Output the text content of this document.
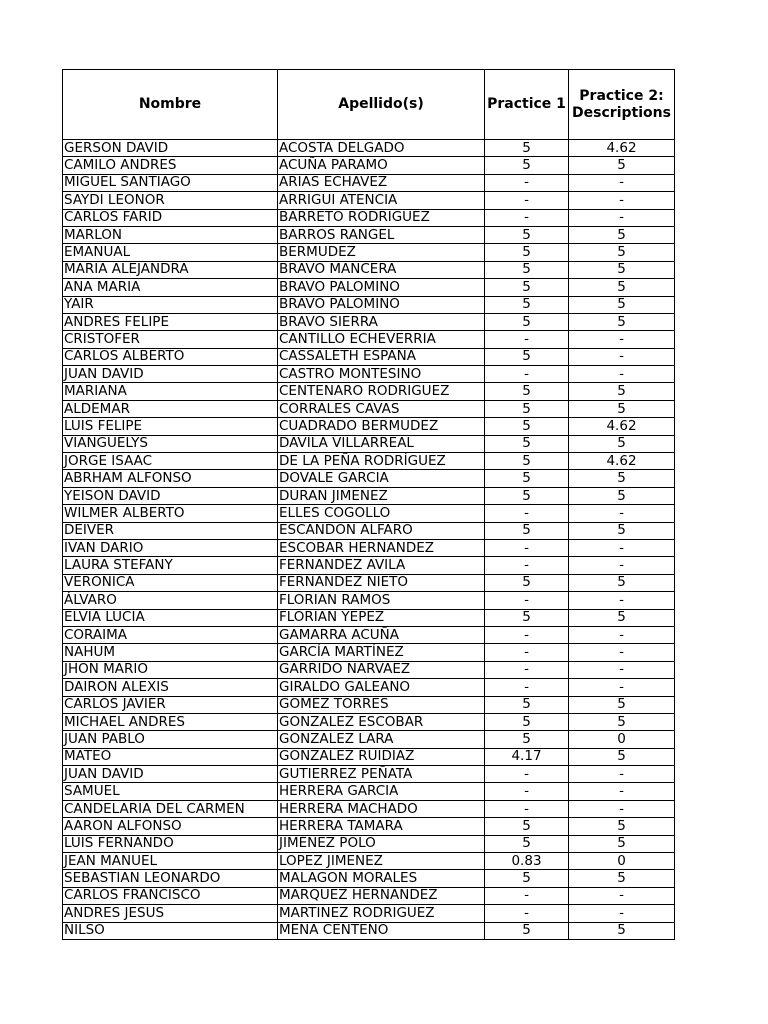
Nombre	Apellido(s)	Practice 1	Practice 2:
Descriptions
GERSON DAVID	ACOSTA DELGADO	5	4.62
CAMILO ANDRES	ACUÑA PARAMO	5	5
MIGUEL SANTIAGO	ARIAS ECHAVEZ	-	-
SAYDI LEONOR	ARRIGUI ATENCIA	-	-
CARLOS FARID	BARRETO RODRIGUEZ	-	-
MARLON	BARROS RANGEL	5	5
EMANUAL	BERMUDEZ	5	5
MARIA ALEJANDRA	BRAVO MANCERA	5	5
ANA MARIA	BRAVO PALOMINO	5	5
YAIR	BRAVO PALOMINO	5	5
ANDRES FELIPE	BRAVO SIERRA	5	5
CRISTOFER	CANTILLO ECHEVERRIA	-	-
CARLOS ALBERTO	CASSALETH ESPAÑA	5	-
JUAN DAVID	CASTRO MONTESINO	-	-
MARIANA	CENTENARO RODRIGUEZ	5	5
ALDEMAR	CORRALES CAVAS	5	5
LUIS FELIPE	CUADRADO BERMUDEZ	5	4.62
VIANGUELYS	DAVILA VILLARREAL	5	5
JORGE ISAAC	DE LA PEÑA RODRÍGUEZ	5	4.62
ABRHAM ALFONSO	DOVALE GARCIA	5	5
YEISON DAVID	DURAN JIMENEZ	5	5
WILMER ALBERTO	ELLES COGOLLO	-	-
DEIVER	ESCANDON ALFARO	5	5
IVAN DARIO	ESCOBAR HERNANDEZ	-	-
LAURA STEFANY	FERNANDEZ AVILA	-	-
VERONICA	FERNANDEZ NIETO	5	5
ÁLVARO	FLORIAN RAMOS	-	-
ELVIA LUCIA	FLORIAN YEPEZ	5	5
CORAIMA	GAMARRA ACUÑA	-	-
NAHUM	GARCÍA MARTÍNEZ	-	-
JHON MARIO	GARRIDO NARVAEZ	-	-
DAIRON ALEXIS	GIRALDO GALEANO	-	-
CARLOS JAVIER	GOMEZ TORRES	5	5
MICHAEL ANDRES	GONZALEZ ESCOBAR	5	5
JUAN PABLO	GONZALEZ LARA	5	0
MATEO	GONZALEZ RUIDIAZ	4.17	5
JUAN DAVID	GUTIERREZ PEÑATA	-	-
SAMUEL	HERRERA GARCIA	-	-
CANDELARIA DEL CARMEN	HERRERA MACHADO	-	-
AARON ALFONSO	HERRERA TAMARA	5	5
LUIS FERNANDO	JIMÉNEZ POLO	5	5
JEAN MANUEL	LOPEZ JIMENEZ	0.83	0
SEBASTIAN LEONARDO	MALAGON MORALES	5	5
CARLOS FRANCISCO	MARQUEZ HERNANDEZ	-	-
ANDRES JESUS	MARTINEZ RODRIGUEZ	-	-
NILSO	MENA CENTENO	5	5
